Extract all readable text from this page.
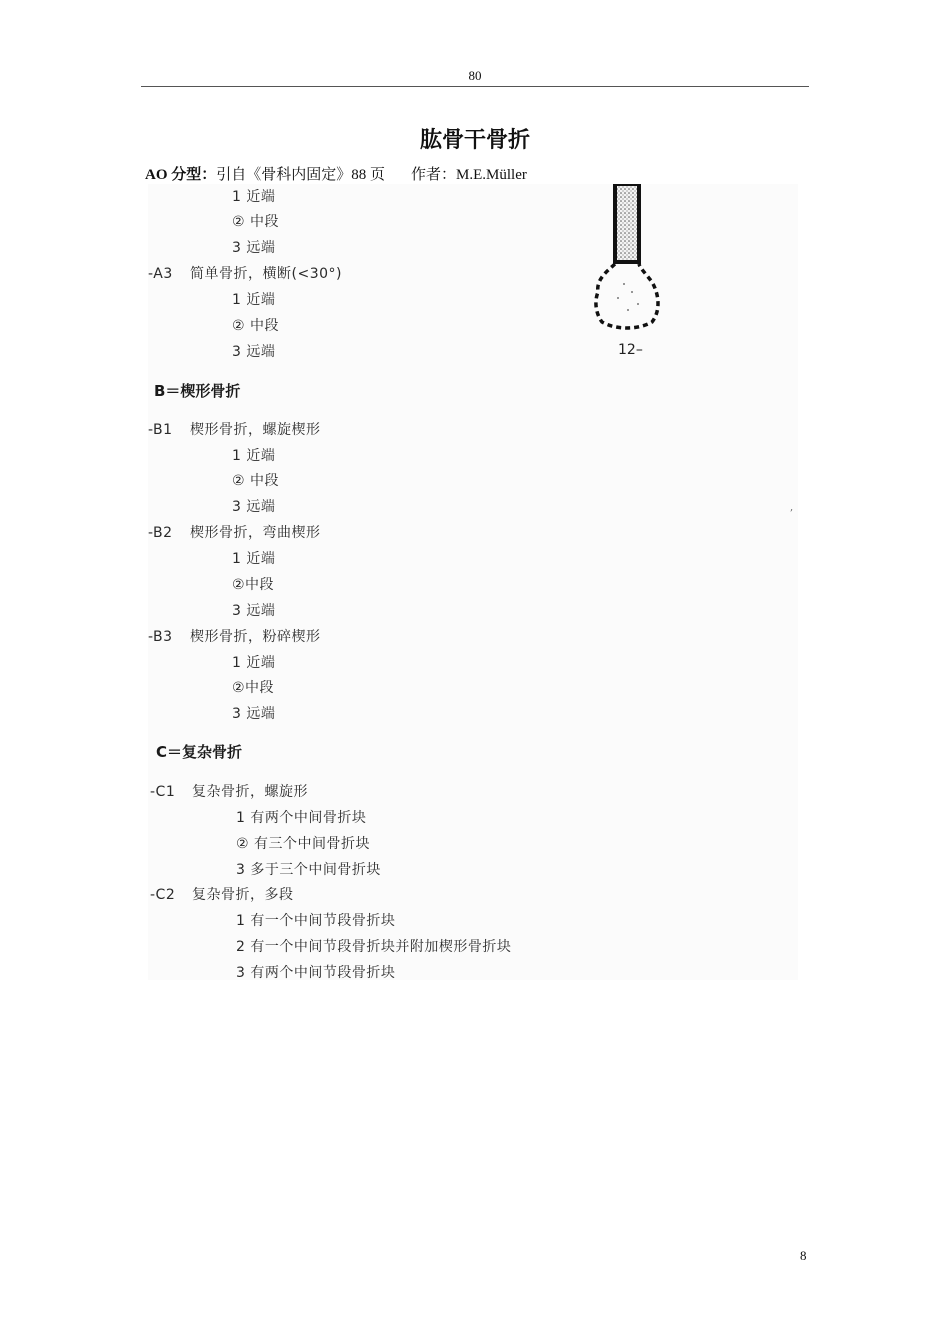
80
肱骨干骨折
AO 分型：引自《骨科内固定》88 页 作者：M.E.Müller
12–
,
1 近端
② 中段
3 远端
-A3 简单骨折，横断(<30°)
1 近端
② 中段
3 远端
B＝楔形骨折
-B1 楔形骨折，螺旋楔形
1 近端
② 中段
3 远端
-B2 楔形骨折，弯曲楔形
1 近端
②中段
3 远端
-B3 楔形骨折，粉碎楔形
1 近端
②中段
3 远端
C＝复杂骨折
-C1 复杂骨折，螺旋形
1 有两个中间骨折块
② 有三个中间骨折块
3 多于三个中间骨折块
-C2 复杂骨折，多段
1 有一个中间节段骨折块
2 有一个中间节段骨折块并附加楔形骨折块
3 有两个中间节段骨折块
8
